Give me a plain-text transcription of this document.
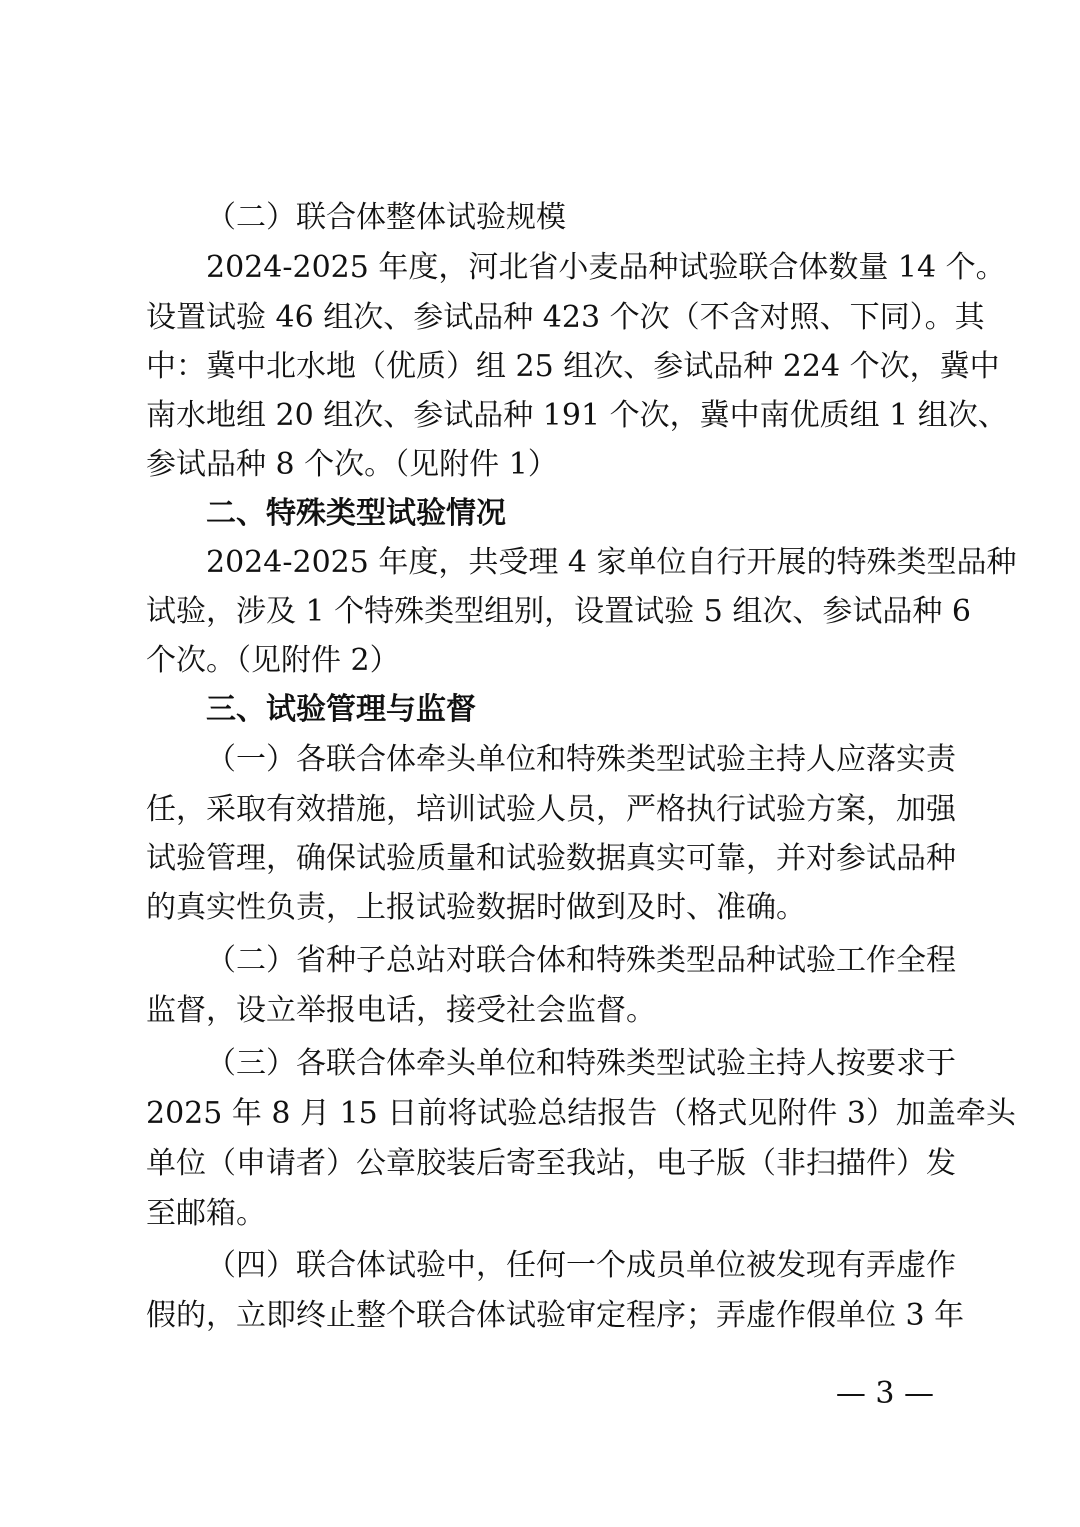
（二）联合体整体试验规模
2024-2025 年度，河北省小麦品种试验联合体数量 14 个。
设置试验 46 组次、参试品种 423 个次（不含对照、下同）。其
中：冀中北水地（优质）组 25 组次、参试品种 224 个次，冀中
南水地组 20 组次、参试品种 191 个次，冀中南优质组 1 组次、
参试品种 8 个次。（见附件 1）
二、特殊类型试验情况
2024-2025 年度，共受理 4 家单位自行开展的特殊类型品种
试验，涉及 1 个特殊类型组别，设置试验 5 组次、参试品种 6
个次。（见附件 2）
三、试验管理与监督
（一）各联合体牵头单位和特殊类型试验主持人应落实责
任，采取有效措施，培训试验人员，严格执行试验方案，加强
试验管理，确保试验质量和试验数据真实可靠，并对参试品种
的真实性负责，上报试验数据时做到及时、准确。
（二）省种子总站对联合体和特殊类型品种试验工作全程
监督，设立举报电话，接受社会监督。
（三）各联合体牵头单位和特殊类型试验主持人按要求于
2025 年 8 月 15 日前将试验总结报告（格式见附件 3）加盖牵头
单位（申请者）公章胶装后寄至我站，电子版（非扫描件）发
至邮箱。
（四）联合体试验中，任何一个成员单位被发现有弄虚作
假的，立即终止整个联合体试验审定程序；弄虚作假单位 3 年
— 3 —
